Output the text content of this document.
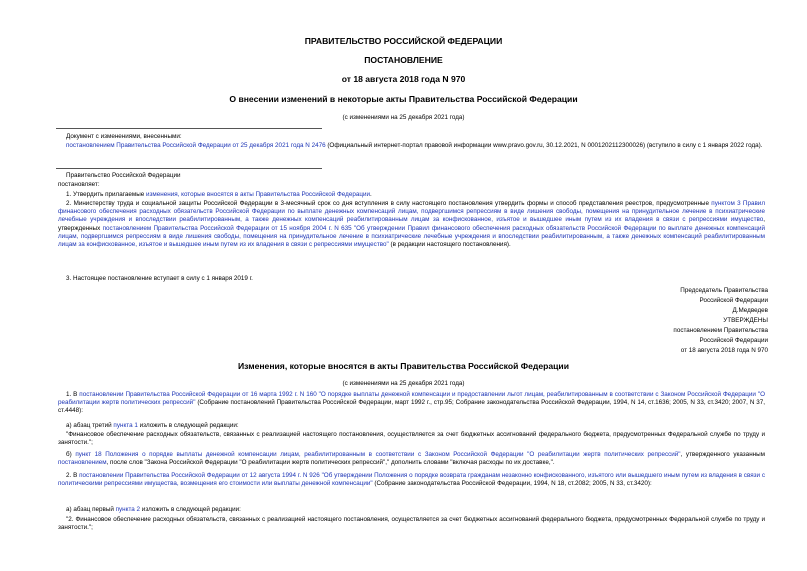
ПРАВИТЕЛЬСТВО РОССИЙСКОЙ ФЕДЕРАЦИИ
ПОСТАНОВЛЕНИЕ
от 18 августа 2018 года N 970
О внесении изменений в некоторые акты Правительства Российской Федерации
(с изменениями на 25 декабря 2021 года)
Документ с изменениями, внесенными:
постановлением Правительства Российской Федерации от 25 декабря 2021 года N 2476 (Официальный интернет-портал правовой информации www.pravo.gov.ru, 30.12.2021, N 0001202112300026) (вступило в силу с 1 января 2022 года).
Правительство Российской Федерации
постановляет:
1. Утвердить прилагаемые изменения, которые вносятся в акты Правительства Российской Федерации.
2. Министерству труда и социальной защиты Российской Федерации в 3-месячный срок со дня вступления в силу настоящего постановления утвердить формы и способ представления реестров, предусмотренные пунктом 3 Правил финансового обеспечения расходных обязательств Российской Федерации по выплате денежных компенсаций лицам, подвергшимся репрессиям в виде лишения свободы, помещения на принудительное лечение в психиатрические лечебные учреждения и впоследствии реабилитированным, а также денежных компенсаций реабилитированным лицам за конфискованное, изъятое и вышедшее иным путем из их владения в связи с репрессиями имущество, утвержденных постановлением Правительства Российской Федерации от 15 ноября 2004 г. N 635 "Об утверждении Правил финансового обеспечения расходных обязательств Российской Федерации по выплате денежных компенсаций лицам, подвергшимся репрессиям в виде лишения свободы, помещения на принудительное лечение в психиатрические лечебные учреждения и впоследствии реабилитированным, а также денежных компенсаций реабилитированным лицам за конфискованное, изъятое и вышедшее иным путем из их владения в связи с репрессиями имущество" (в редакции настоящего постановления).
3. Настоящее постановление вступает в силу с 1 января 2019 г.
Председатель Правительства
Российской Федерации
Д.Медведев
УТВЕРЖДЕНЫ
постановлением Правительства
Российской Федерации
от 18 августа 2018 года N 970
Изменения, которые вносятся в акты Правительства Российской Федерации
(с изменениями на 25 декабря 2021 года)
1. В постановлении Правительства Российской Федерации от 16 марта 1992 г. N 160 "О порядке выплаты денежной компенсации и предоставлении льгот лицам, реабилитированным в соответствии с Законом Российской Федерации "О реабилитации жертв политических репрессий" (Собрание постановлений Правительства Российской Федерации, март 1992 г., стр.95; Собрание законодательства Российской Федерации, 1994, N 14, ст.1636; 2005, N 33, ст.3420; 2007, N 37, ст.4448):
а) абзац третий пункта 1 изложить в следующей редакции:
"Финансовое обеспечение расходных обязательств, связанных с реализацией настоящего постановления, осуществляется за счет бюджетных ассигнований федерального бюджета, предусмотренных Федеральной службе по труду и занятости.";
б) пункт 18 Положения о порядке выплаты денежной компенсации лицам, реабилитированным в соответствии с Законом Российской Федерации "О реабилитации жертв политических репрессий", утвержденного указанным постановлением, после слов "Закона Российской Федерации "О реабилитации жертв политических репрессий"," дополнить словами "включая расходы по их доставке,".
2. В постановлении Правительства Российской Федерации от 12 августа 1994 г. N 926 "Об утверждении Положения о порядке возврата гражданам незаконно конфискованного, изъятого или вышедшего иным путем из владения в связи с политическими репрессиями имущества, возмещения его стоимости или выплаты денежной компенсации" (Собрание законодательства Российской Федерации, 1994, N 18, ст.2082; 2005, N 33, ст.3420):
а) абзац первый пункта 2 изложить в следующей редакции:
"2. Финансовое обеспечение расходных обязательств, связанных с реализацией настоящего постановления, осуществляется за счет бюджетных ассигнований федерального бюджета, предусмотренных Федеральной службе по труду и занятости.";
